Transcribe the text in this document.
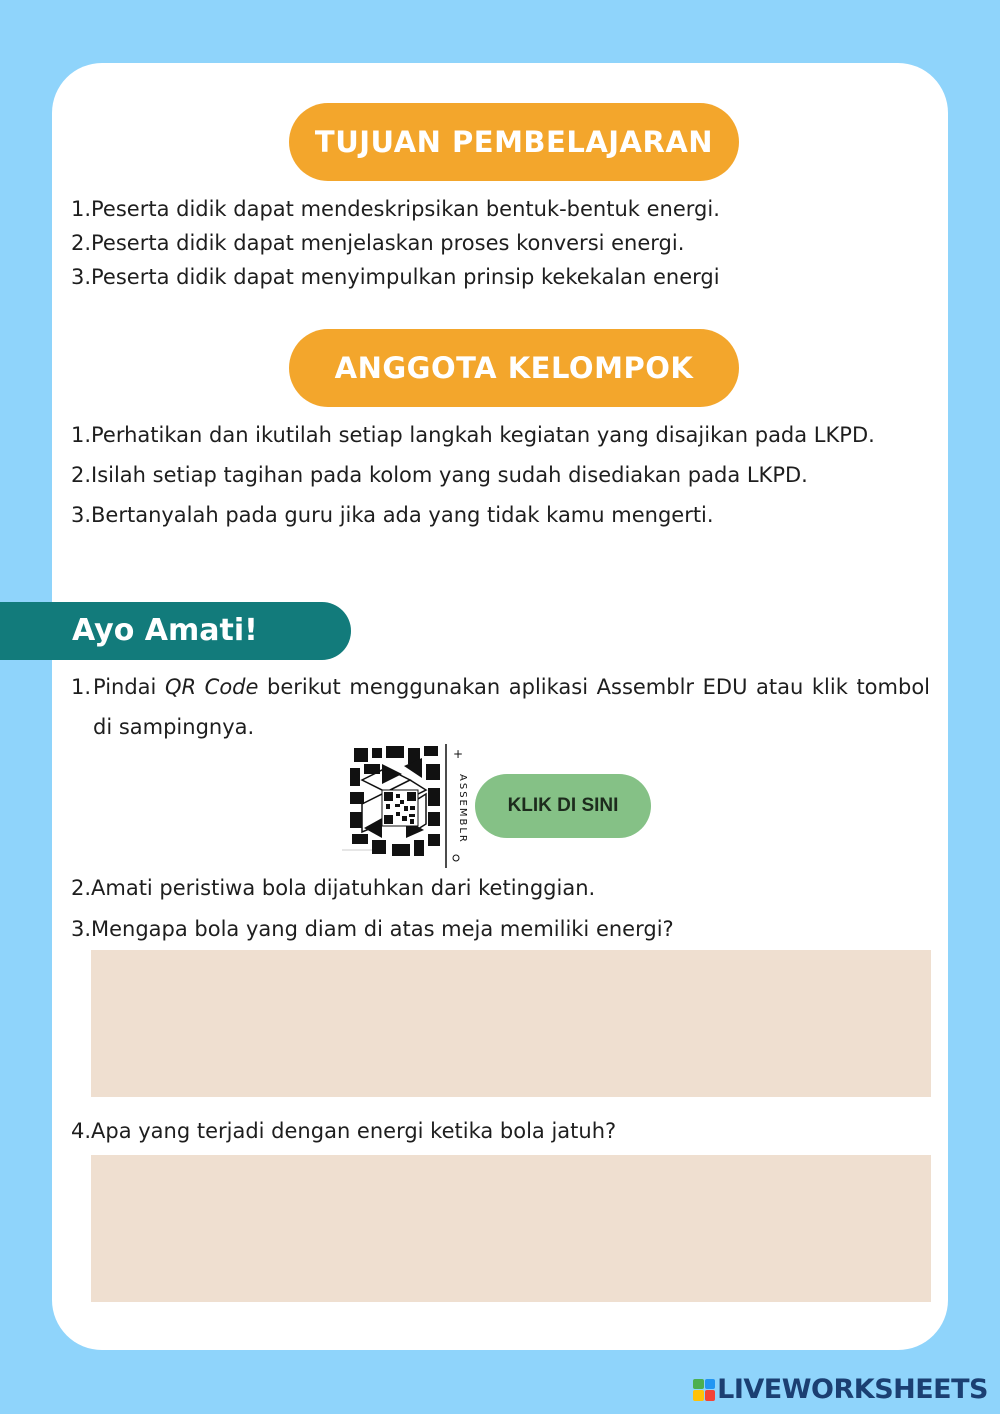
TUJUAN PEMBELAJARAN
1. Peserta didik dapat mendeskripsikan bentuk-bentuk energi.
2. Peserta didik dapat menjelaskan proses konversi energi.
3. Peserta didik dapat menyimpulkan prinsip kekekalan energi
ANGGOTA KELOMPOK
1. Perhatikan dan ikutilah setiap langkah kegiatan yang disajikan pada LKPD.
2. Isilah setiap tagihan pada kolom yang sudah disediakan pada LKPD.
3. Bertanyalah pada guru jika ada yang tidak kamu mengerti.
Ayo Amati!
1. Pindai QR Code berikut menggunakan aplikasi Assemblr EDU atau klik tombol di sampingnya.
+
ASSEMBLR	KLIK DI SINI
2. Amati peristiwa bola dijatuhkan dari ketinggian.
3. Mengapa bola yang diam di atas meja memiliki energi?
4. Apa yang terjadi dengan energi ketika bola jatuh?
LIVEWORKSHEETS
